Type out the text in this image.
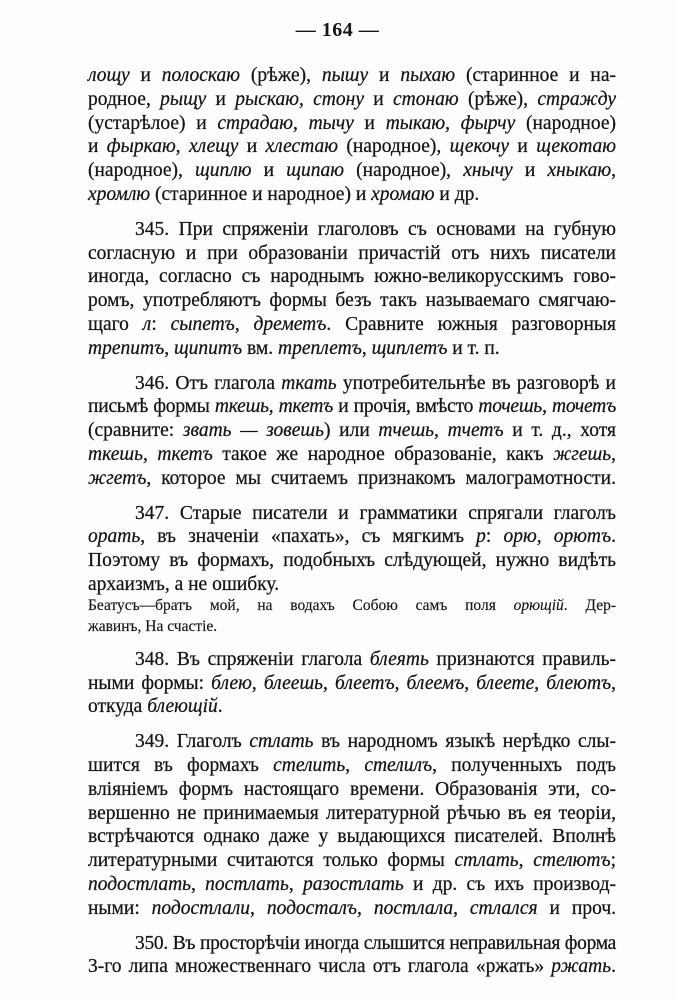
— 164 —
лощу и полоскаю (рѣже), пышу и пыхаю (старинное и на-
родное, рыщу и рыскаю, стону и стонаю (рѣже), стражду
(устарѣлое) и страдаю, тычу и тыкаю, фырчу (народное)
и фыркаю, хлещу и хлестаю (народное), щекочу и щекотаю
(народное), щиплю и щипаю (народное), хнычу и хныкаю,
хромлю (старинное и народное) и хромаю и др.
345. При спряженіи глаголовъ съ основами на губную
согласную и при образованіи причастій отъ нихъ писатели
иногда, согласно съ народнымъ южно-великорусскимъ гово-
ромъ, употребляютъ формы безъ такъ называемаго смягчаю-
щаго л: сыпетъ, дреметъ. Сравните южныя разговорныя
трепитъ, щипитъ вм. треплетъ, щиплетъ и т. п.
346. Отъ глагола ткать употребительнѣе въ разговорѣ и
письмѣ формы ткешь, ткетъ и прочія, вмѣсто точешь, точетъ
(сравните: звать — зовешь) или тчешь, тчетъ и т. д., хотя
ткешь, ткетъ такое же народное образованіе, какъ жгешь,
жгетъ, которое мы считаемъ признакомъ малограмотности.
347. Старые писатели и грамматики спрягали глаголъ
орать, въ значеніи «пахать», съ мягкимъ р: орю, орютъ.
Поэтому въ формахъ, подобныхъ слѣдующей, нужно видѣть
архаизмъ, а не ошибку.
Беатусъ—братъ мой, на водахъ Собою самъ поля орющій. Дер-
жавинъ, На счастіе.
348. Въ спряженіи глагола блеять признаются правиль-
ными формы: блею, блеешь, блеетъ, блеемъ, блеете, блеютъ,
откуда блеющій.
349. Глаголъ стлать въ народномъ языкѣ нерѣдко слы-
шится въ формахъ стелить, стелилъ, полученныхъ подъ
вліяніемъ формъ настоящаго времени. Образованія эти, со-
вершенно не принимаемыя литературной рѣчью въ ея теоріи,
встрѣчаются однако даже у выдающихся писателей. Вполнѣ
литературными считаются только формы стлать, стелютъ;
подостлать, постлать, разостлать и др. съ ихъ производ-
ными: подостлали, подосталъ, постлала, стлался и проч.
350. Въ просторѣчіи иногда слышится неправильная форма
3-го липа множественнаго числа отъ глагола «ржать» ржать.
